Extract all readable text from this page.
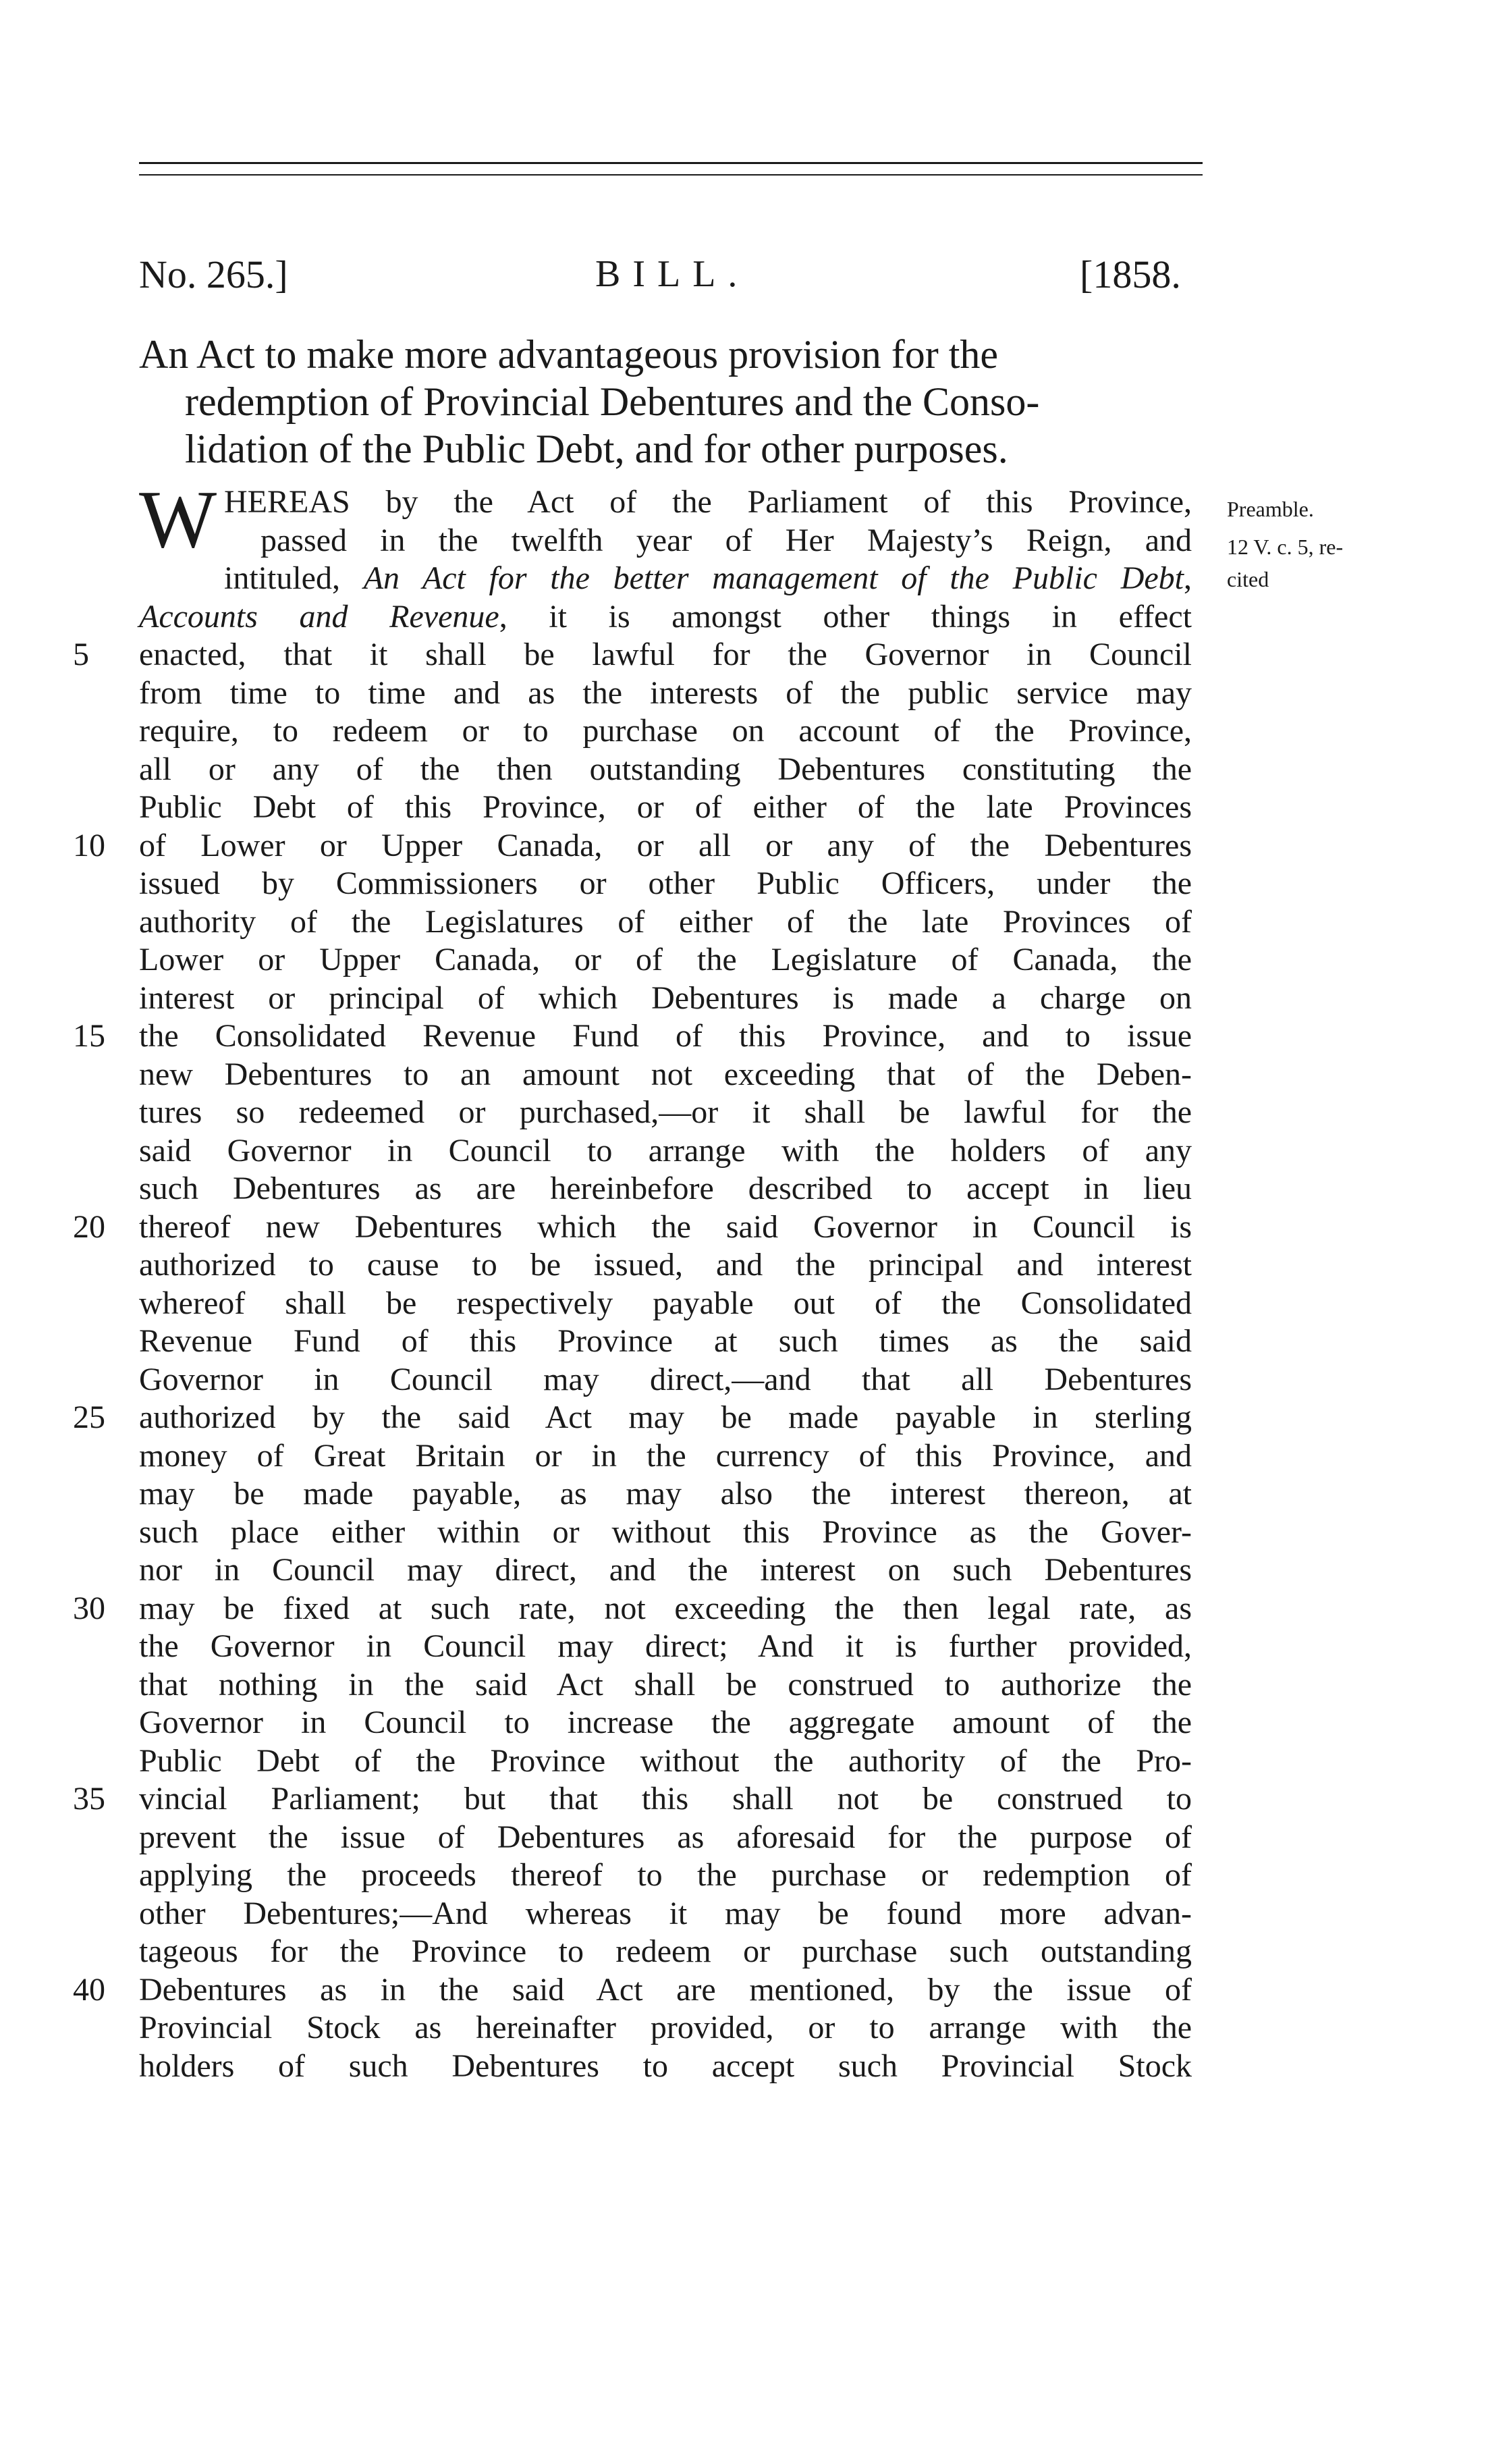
No. 265.]	BILL.	[1858.
An Act to make more advantageous provision for the
redemption of Provincial Debentures and the Conso-
lidation of the Public Debt, and for other purposes.
Preamble.
12 V. c. 5, re-
cited
W HEREAS by the Act of the Parliament of this Province,
passed in the twelfth year of Her Majesty’s Reign, and
intituled, An Act for the better management of the Public Debt,
Accounts and Revenue, it is amongst other things in effect
enacted, that it shall be lawful for the Governor in Council
from time to time and as the interests of the public service may
require, to redeem or to purchase on account of the Province,
all or any of the then outstanding Debentures constituting the
Public Debt of this Province, or of either of the late Provinces
of Lower or Upper Canada, or all or any of the Debentures
issued by Commissioners or other Public Officers, under the
authority of the Legislatures of either of the late Provinces of
Lower or Upper Canada, or of the Legislature of Canada, the
interest or principal of which Debentures is made a charge on
the Consolidated Revenue Fund of this Province, and to issue
new Debentures to an amount not exceeding that of the Deben-
tures so redeemed or purchased,—or it shall be lawful for the
said Governor in Council to arrange with the holders of any
such Debentures as are hereinbefore described to accept in lieu
thereof new Debentures which the said Governor in Council is
authorized to cause to be issued, and the principal and interest
whereof shall be respectively payable out of the Consolidated
Revenue Fund of this Province at such times as the said
Governor in Council may direct,—and that all Debentures
authorized by the said Act may be made payable in sterling
money of Great Britain or in the currency of this Province, and
may be made payable, as may also the interest thereon, at
such place either within or without this Province as the Gover-
nor in Council may direct, and the interest on such Debentures
may be fixed at such rate, not exceeding the then legal rate, as
the Governor in Council may direct; And it is further provided,
that nothing in the said Act shall be construed to authorize the
Governor in Council to increase the aggregate amount of the
Public Debt of the Province without the authority of the Pro-
vincial Parliament; but that this shall not be construed to
prevent the issue of Debentures as aforesaid for the purpose of
applying the proceeds thereof to the purchase or redemption of
other Debentures;—And whereas it may be found more advan-
tageous for the Province to redeem or purchase such outstanding
Debentures as in the said Act are mentioned, by the issue of
Provincial Stock as hereinafter provided, or to arrange with the
holders of such Debentures to accept such Provincial Stock
5
10
15
20
25
30
35
40
